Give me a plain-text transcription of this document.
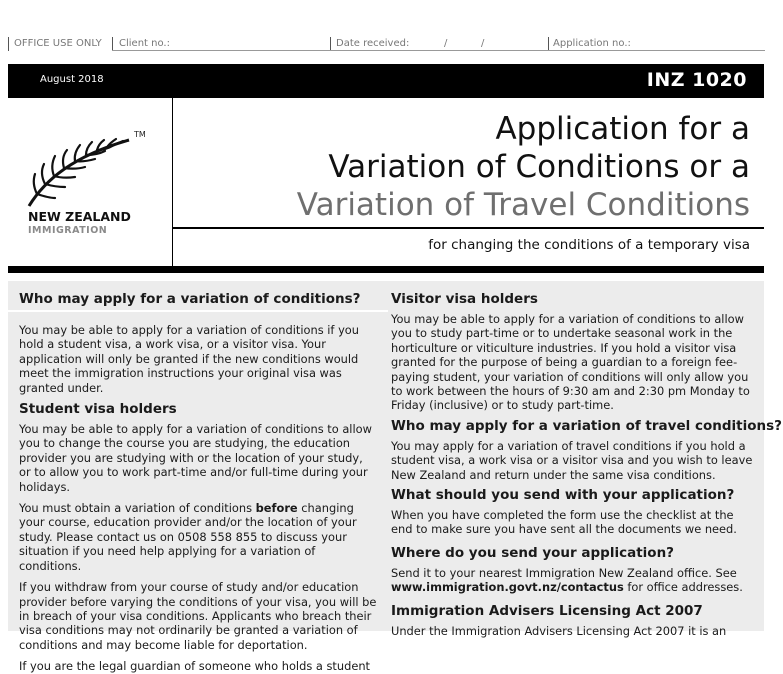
OFFICE USE ONLY Client no.:	Date received:	/	/	Application no.:
August 2018	INZ 1020
TM
NEW ZEALAND
IMMIGRATION
Application for a
Variation of Conditions or a
Variation of Travel Conditions
for changing the conditions of a temporary visa

Who may apply for a variation of conditions?

You may be able to apply for a variation of conditions if you hold a student visa, a work visa, or a visitor visa. Your application will only be granted if the new conditions would meet the immigration instructions your original visa was granted under.

Student visa holders

You may be able to apply for a variation of conditions to allow you to change the course you are studying, the education provider you are studying with or the location of your study, or to allow you to work part-time and/or full-time during your holidays.

You must obtain a variation of conditions before changing your course, education provider and/or the location of your study. Please contact us on 0508 558 855 to discuss your situation if you need help applying for a variation of conditions.

If you withdraw from your course of study and/or education provider before varying the conditions of your visa, you will be in breach of your visa conditions. Applicants who breach their visa conditions may not ordinarily be granted a variation of conditions and may become liable for deportation.

If you are the legal guardian of someone who holds a student

Visitor visa holders

You may be able to apply for a variation of conditions to allow you to study part-time or to undertake seasonal work in the horticulture or viticulture industries. If you hold a visitor visa granted for the purpose of being a guardian to a foreign fee-paying student, your variation of conditions will only allow you to work between the hours of 9:30 am and 2:30 pm Monday to Friday (inclusive) or to study part-time.

Who may apply for a variation of travel conditions?

You may apply for a variation of travel conditions if you hold a student visa, a work visa or a visitor visa and you wish to leave New Zealand and return under the same visa conditions.

What should you send with your application?

When you have completed the form use the checklist at the end to make sure you have sent all the documents we need.

Where do you send your application?

Send it to your nearest Immigration New Zealand office. See www.immigration.govt.nz/contactus for office addresses.

Immigration Advisers Licensing Act 2007

Under the Immigration Advisers Licensing Act 2007 it is an
